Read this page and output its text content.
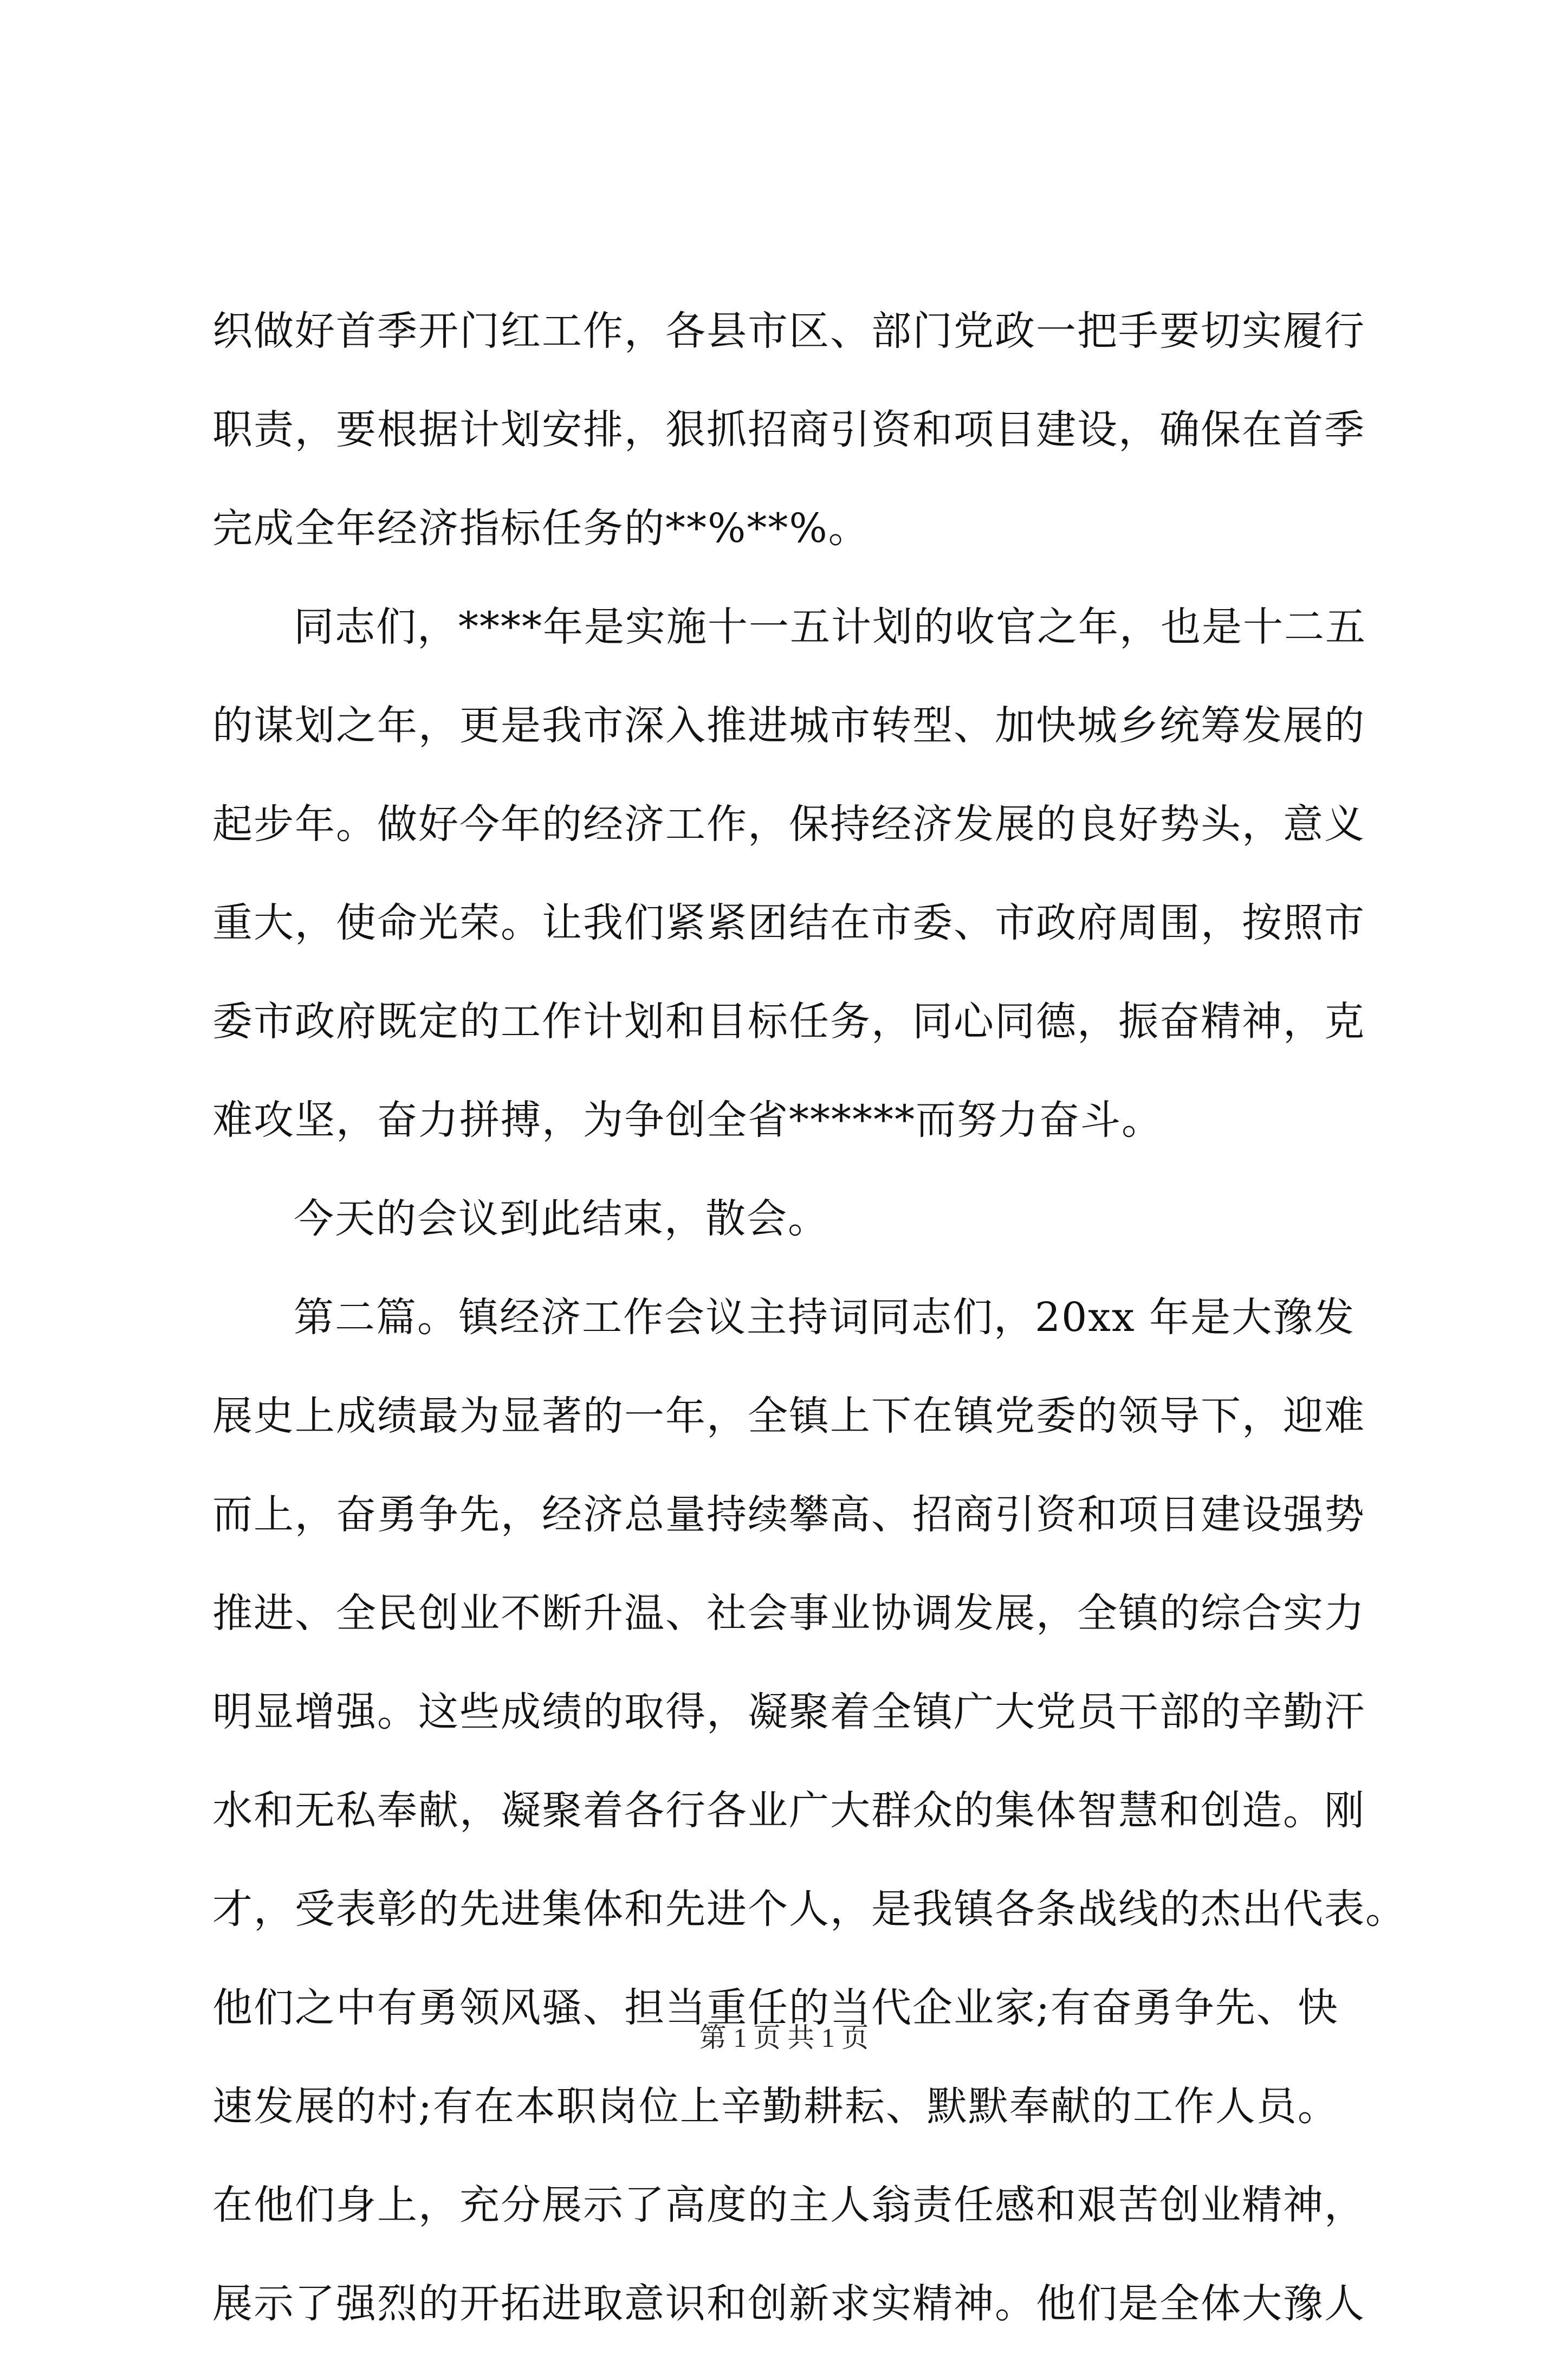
织做好首季开门红工作，各县市区、部门党政一把手要切实履行
职责，要根据计划安排，狠抓招商引资和项目建设，确保在首季
完成全年经济指标任务的**%**%。
同志们，****年是实施十一五计划的收官之年，也是十二五
的谋划之年，更是我市深入推进城市转型、加快城乡统筹发展的
起步年。做好今年的经济工作，保持经济发展的良好势头，意义
重大，使命光荣。让我们紧紧团结在市委、市政府周围，按照市
委市政府既定的工作计划和目标任务，同心同德，振奋精神，克
难攻坚，奋力拼搏，为争创全省******而努力奋斗。
今天的会议到此结束，散会。
第二篇。镇经济工作会议主持词同志们，20xx 年是大豫发
展史上成绩最为显著的一年，全镇上下在镇党委的领导下，迎难
而上，奋勇争先，经济总量持续攀高、招商引资和项目建设强势
推进、全民创业不断升温、社会事业协调发展，全镇的综合实力
明显增强。这些成绩的取得，凝聚着全镇广大党员干部的辛勤汗
水和无私奉献，凝聚着各行各业广大群众的集体智慧和创造。刚
才，受表彰的先进集体和先进个人，是我镇各条战线的杰出代表。
他们之中有勇领风骚、担当重任的当代企业家;有奋勇争先、快
速发展的村;有在本职岗位上辛勤耕耘、默默奉献的工作人员。
在他们身上，充分展示了高度的主人翁责任感和艰苦创业精神，
展示了强烈的开拓进取意识和创新求实精神。他们是全体大豫人
第 1 页 共 1 页
